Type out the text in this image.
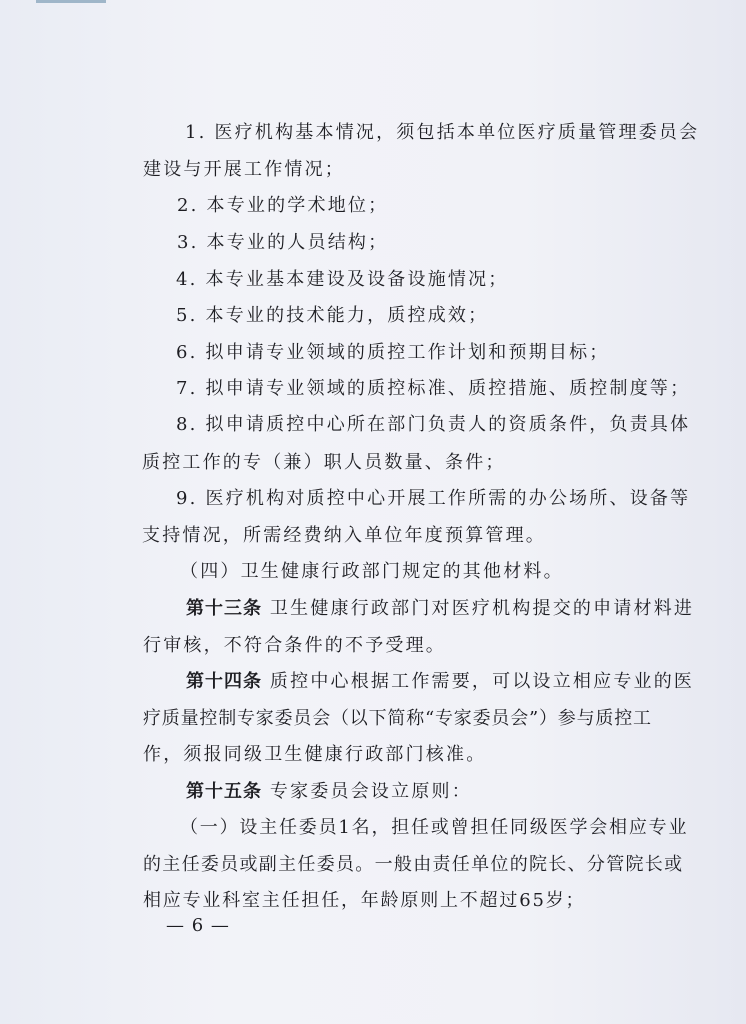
1. 医疗机构基本情况，须包括本单位医疗质量管理委员会
建设与开展工作情况；
2. 本专业的学术地位；
3. 本专业的人员结构；
4. 本专业基本建设及设备设施情况；
5. 本专业的技术能力，质控成效；
6. 拟申请专业领域的质控工作计划和预期目标；
7. 拟申请专业领域的质控标准、质控措施、质控制度等；
8. 拟申请质控中心所在部门负责人的资质条件，负责具体
质控工作的专（兼）职人员数量、条件；
9. 医疗机构对质控中心开展工作所需的办公场所、设备等
支持情况，所需经费纳入单位年度预算管理。
（四）卫生健康行政部门规定的其他材料。
第十三条 卫生健康行政部门对医疗机构提交的申请材料进
行审核，不符合条件的不予受理。
第十四条 质控中心根据工作需要，可以设立相应专业的医
疗质量控制专家委员会（以下简称“专家委员会”）参与质控工
作，须报同级卫生健康行政部门核准。
第十五条 专家委员会设立原则：
（一）设主任委员1名，担任或曾担任同级医学会相应专业
的主任委员或副主任委员。一般由责任单位的院长、分管院长或
相应专业科室主任担任，年龄原则上不超过65岁；
— 6 —
